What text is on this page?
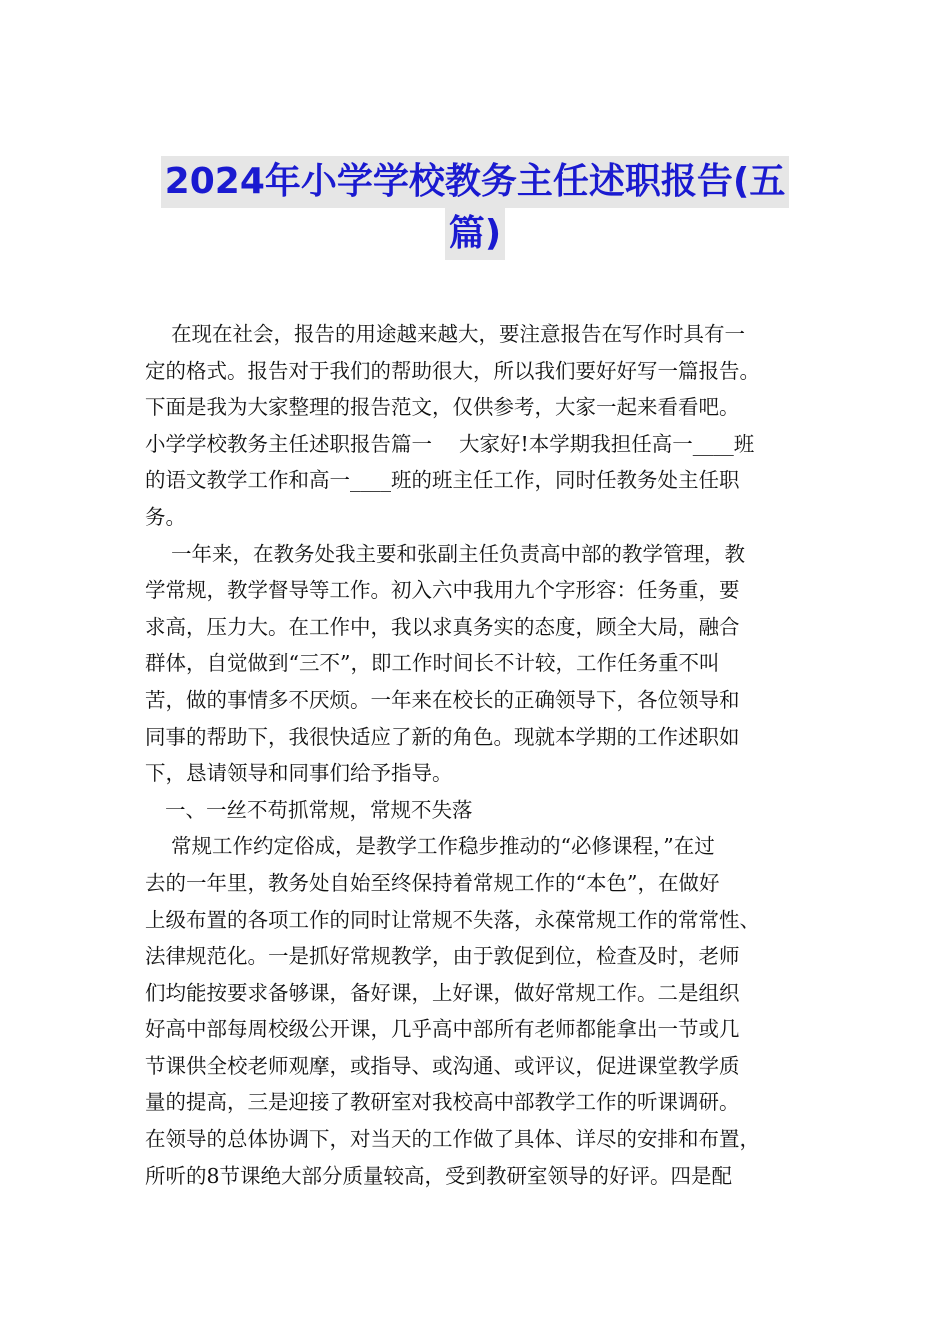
2024年小学学校教务主任述职报告(五
篇)
在现在社会，报告的用途越来越大，要注意报告在写作时具有一
定的格式。报告对于我们的帮助很大，所以我们要好好写一篇报告。
下面是我为大家整理的报告范文，仅供参考，大家一起来看看吧。
小学学校教务主任述职报告篇一　 大家好!本学期我担任高一____班
的语文教学工作和高一____班的班主任工作，同时任教务处主任职
务。
一年来，在教务处我主要和张副主任负责高中部的教学管理，教
学常规，教学督导等工作。初入六中我用九个字形容：任务重，要
求高，压力大。在工作中，我以求真务实的态度，顾全大局，融合
群体，自觉做到“三不”，即工作时间长不计较，工作任务重不叫
苦，做的事情多不厌烦。一年来在校长的正确领导下，各位领导和
同事的帮助下，我很快适应了新的角色。现就本学期的工作述职如
下，恳请领导和同事们给予指导。
一、一丝不苟抓常规，常规不失落
常规工作约定俗成，是教学工作稳步推动的“必修课程，”在过
去的一年里，教务处自始至终保持着常规工作的“本色”，在做好
上级布置的各项工作的同时让常规不失落，永葆常规工作的常常性、
法律规范化。一是抓好常规教学，由于敦促到位，检查及时，老师
们均能按要求备够课，备好课，上好课，做好常规工作。二是组织
好高中部每周校级公开课，几乎高中部所有老师都能拿出一节或几
节课供全校老师观摩，或指导、或沟通、或评议，促进课堂教学质
量的提高，三是迎接了教研室对我校高中部教学工作的听课调研。
在领导的总体协调下，对当天的工作做了具体、详尽的安排和布置，
所听的8节课绝大部分质量较高，受到教研室领导的好评。四是配
